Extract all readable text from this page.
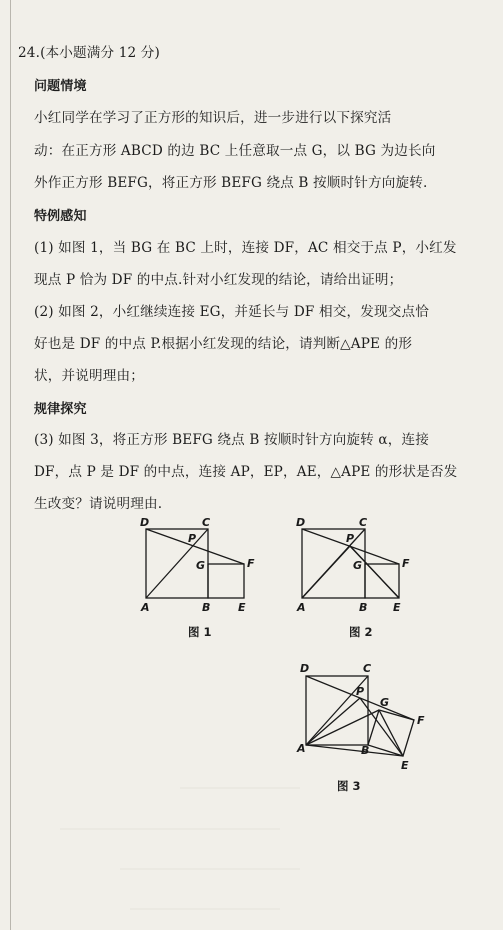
24.(本小题满分 12 分)
问题情境
小红同学在学习了正方形的知识后，进一步进行以下探究活
动：在正方形 ABCD 的边 BC 上任意取一点 G，以 BG 为边长向
外作正方形 BEFG，将正方形 BEFG 绕点 B 按顺时针方向旋转.
特例感知
(1) 如图 1，当 BG 在 BC 上时，连接 DF，AC 相交于点 P，小红发
现点 P 恰为 DF 的中点.针对小红发现的结论，请给出证明；
(2) 如图 2，小红继续连接 EG，并延长与 DF 相交，发现交点恰
好也是 DF 的中点 P.根据小红发现的结论，请判断△APE 的形
状，并说明理由；
规律探究
(3) 如图 3，将正方形 BEFG 绕点 B 按顺时针方向旋转 α，连接
DF，点 P 是 DF 的中点，连接 AP，EP，AE，△APE 的形状是否发
生改变？请说明理由.
D	C
P
G	F
A	B	E
图 1
D	C
P
G	F
A	B E
图 2
D	C
P
G
F
A	B
E
图 3
